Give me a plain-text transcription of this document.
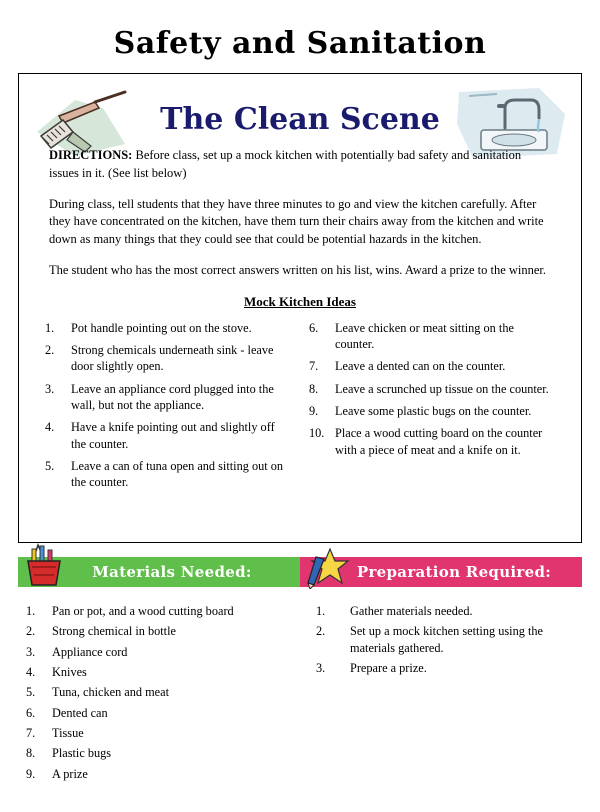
Safety and Sanitation
The Clean Scene

DIRECTIONS: Before class, set up a mock kitchen with potentially bad safety and sanitation issues in it. (See list below)

During class, tell students that they have three minutes to go and view the kitchen carefully. After they have concentrated on the kitchen, have them turn their chairs away from the kitchen and write down as many things that they could see that could be potential hazards in the kitchen.

The student who has the most correct answers written on his list, wins. Award a prize to the winner.

Mock Kitchen Ideas
1.	Pot handle pointing out on the stove.
2.	Strong chemicals underneath sink - leave door slightly open.
3.	Leave an appliance cord plugged into the wall, but not the appliance.
4.	Have a knife pointing out and slightly off the counter.
5.	Leave a can of tuna open and sitting out on the counter.
6.	Leave chicken or meat sitting on the counter.
7.	Leave a dented can on the counter.
8.	Leave a scrunched up tissue on the counter.
9.	Leave some plastic bugs on the counter.
10. Place a wood cutting board on the counter with a piece of meat and a knife on it.
Materials Needed:	Preparation Required:
1.	Pan or pot, and a wood cutting board
2.	Strong chemical in bottle
3.	Appliance cord
4.	Knives
5.	Tuna, chicken and meat
6.	Dented can
7.	Tissue
8.	Plastic bugs
9.	A prize
1.	Gather materials needed.
2.	Set up a mock kitchen setting using the materials gathered.
3.	Prepare a prize.
